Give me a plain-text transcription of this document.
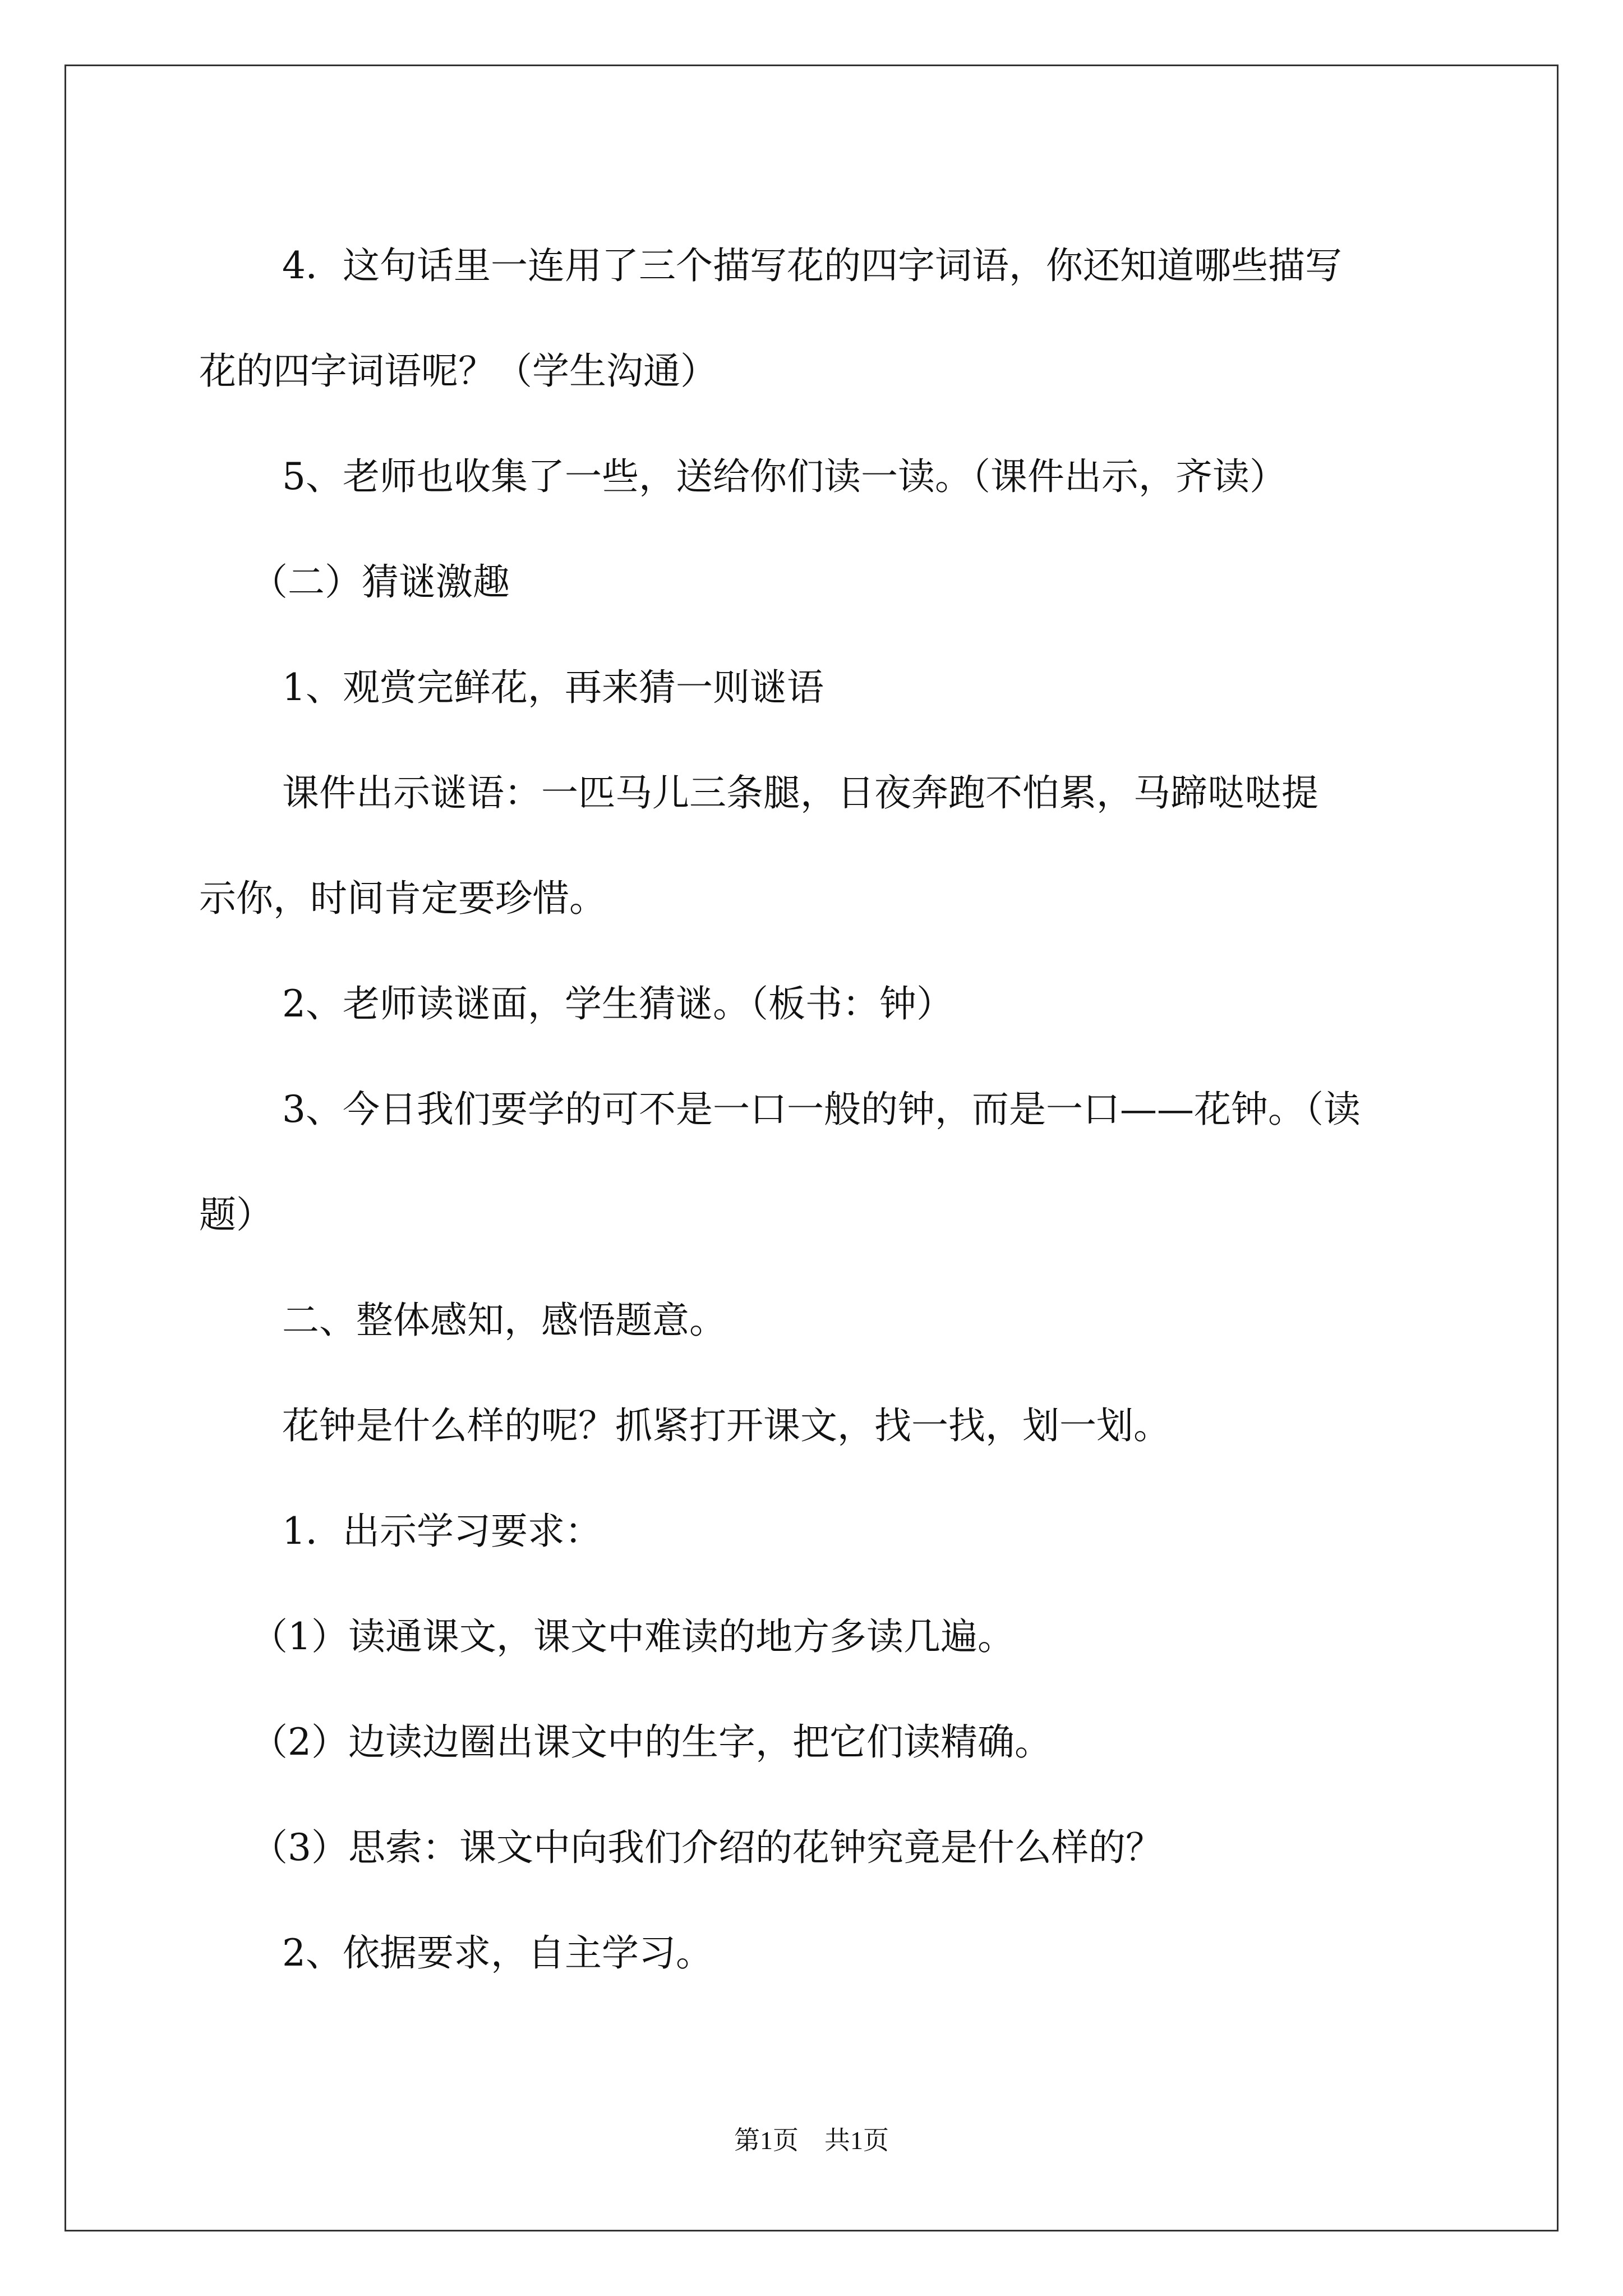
4．这句话里一连用了三个描写花的四字词语，你还知道哪些描写

花的四字词语呢？（学生沟通）

5、老师也收集了一些，送给你们读一读。（课件出示，齐读）

（二）猜谜激趣

1、观赏完鲜花，再来猜一则谜语

课件出示谜语：一匹马儿三条腿，日夜奔跑不怕累，马蹄哒哒提

示你，时间肯定要珍惜。

2、老师读谜面，学生猜谜。（板书：钟）

3、今日我们要学的可不是一口一般的钟，而是一口——花钟。（读

题）

二、整体感知，感悟题意。

花钟是什么样的呢？抓紧打开课文，找一找，划一划。

1．出示学习要求：

（1）读通课文，课文中难读的地方多读几遍。

（2）边读边圈出课文中的生字，把它们读精确。

（3）思索：课文中向我们介绍的花钟究竟是什么样的？

2、依据要求，自主学习。

第1页　共1页
